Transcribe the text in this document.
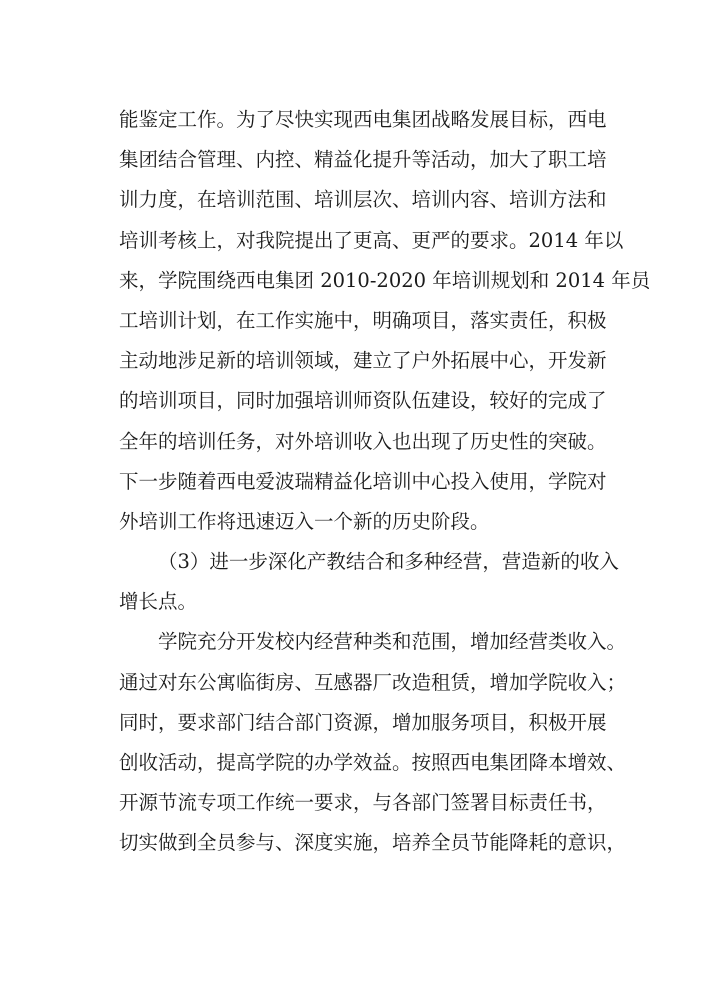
能鉴定工作。为了尽快实现西电集团战略发展目标，西电
集团结合管理、内控、精益化提升等活动，加大了职工培
训力度，在培训范围、培训层次、培训内容、培训方法和
培训考核上，对我院提出了更高、更严的要求。2014 年以
来，学院围绕西电集团 2010-2020 年培训规划和 2014 年员
工培训计划，在工作实施中，明确项目，落实责任，积极
主动地涉足新的培训领域，建立了户外拓展中心，开发新
的培训项目，同时加强培训师资队伍建设，较好的完成了
全年的培训任务，对外培训收入也出现了历史性的突破。
下一步随着西电爱波瑞精益化培训中心投入使用，学院对
外培训工作将迅速迈入一个新的历史阶段。
（3）进一步深化产教结合和多种经营，营造新的收入
增长点。
学院充分开发校内经营种类和范围，增加经营类收入。
通过对东公寓临街房、互感器厂改造租赁，增加学院收入；
同时，要求部门结合部门资源，增加服务项目，积极开展
创收活动，提高学院的办学效益。按照西电集团降本增效、
开源节流专项工作统一要求，与各部门签署目标责任书，
切实做到全员参与、深度实施，培养全员节能降耗的意识，
